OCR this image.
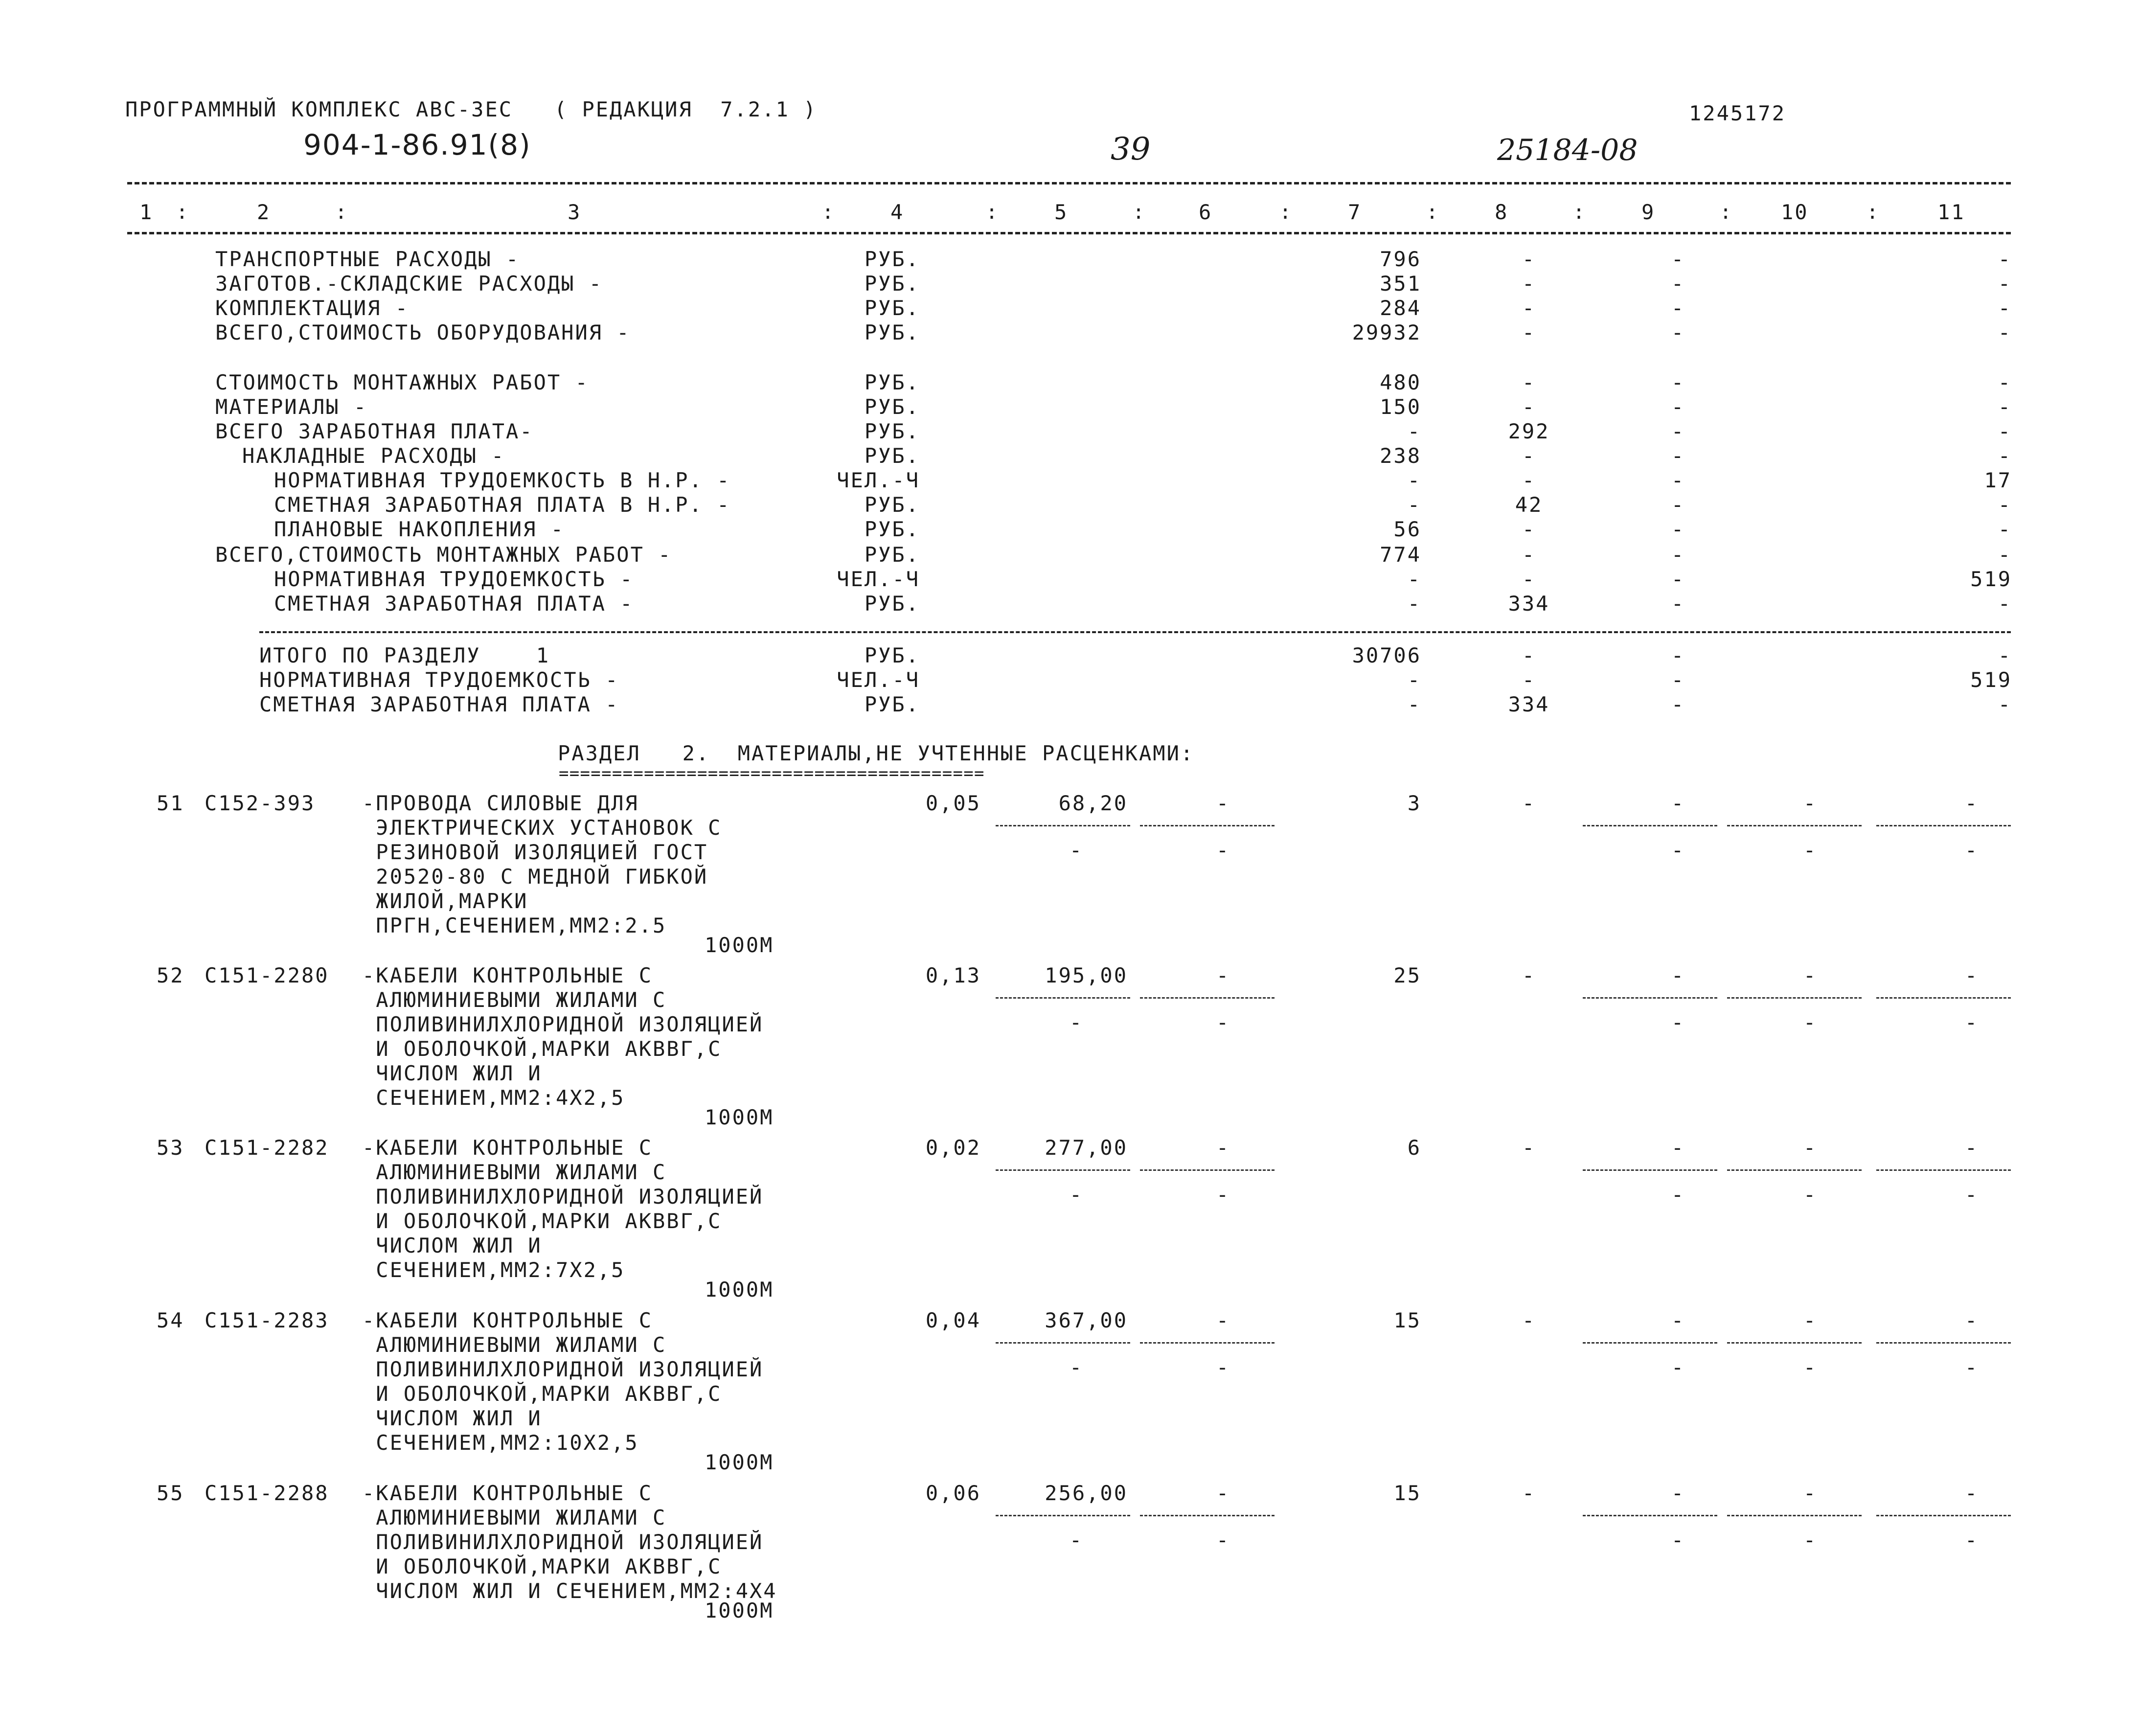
ПРОГРАММНЫЙ КОМПЛЕКС АВС-3ЕС   ( РЕДАКЦИЯ  7.2.1 )	1245172
904-1-86.91(8)	39	25184-08
1	2	3	4	5	6	7	8	9	10	11
:	:	:	:	:	:	:	:	:	:
ТРАНСПОРТНЫЕ РАСХОДЫ -	РУБ.	796	-	-	-
ЗАГОТОВ.-СКЛАДСКИЕ РАСХОДЫ -	РУБ.	351	-	-	-
КОМПЛЕКТАЦИЯ -	РУБ.	284	-	-	-
ВСЕГО,СТОИМОСТЬ ОБОРУДОВАНИЯ -	РУБ.	29932	-	-	-
СТОИМОСТЬ МОНТАЖНЫХ РАБОТ -	РУБ.	480	-	-	-
МАТЕРИАЛЫ -	РУБ.	150	-	-	-
ВСЕГО ЗАРАБОТНАЯ ПЛАТА-	РУБ.	-	292	-	-
НАКЛАДНЫЕ РАСХОДЫ -	РУБ.	238	-	-	-
НОРМАТИВНАЯ ТРУДОЕМКОСТЬ В Н.Р. -	ЧЕЛ.-Ч	-	-	-	17
СМЕТНАЯ ЗАРАБОТНАЯ ПЛАТА В Н.Р. -	РУБ.	-	42	-	-
ПЛАНОВЫЕ НАКОПЛЕНИЯ -	РУБ.	56	-	-	-
ВСЕГО,СТОИМОСТЬ МОНТАЖНЫХ РАБОТ -	РУБ.	774	-	-	-
НОРМАТИВНАЯ ТРУДОЕМКОСТЬ -	ЧЕЛ.-Ч	-	-	-	519
СМЕТНАЯ ЗАРАБОТНАЯ ПЛАТА -	РУБ.	-	334	-	-
ИТОГО ПО РАЗДЕЛУ    1	РУБ.	30706	-	-	-
НОРМАТИВНАЯ ТРУДОЕМКОСТЬ -	ЧЕЛ.-Ч	-	-	-	519
СМЕТНАЯ ЗАРАБОТНАЯ ПЛАТА -	РУБ.	-	334	-	-
РАЗДЕЛ   2.  МАТЕРИАЛЫ,НЕ УЧТЕННЫЕ РАСЦЕНКАМИ:
========================================
51 С152-393 -ПРОВОДА СИЛОВЫЕ ДЛЯ
ЭЛЕКТРИЧЕСКИХ УСТАНОВОК С
РЕЗИНОВОЙ ИЗОЛЯЦИЕЙ ГОСТ
20520-80 С МЕДНОЙ ГИБКОЙ
ЖИЛОЙ,МАРКИ
ПРГН,СЕЧЕНИЕМ,ММ2:2.5
1000М
0,05	68,20	-	3	-	-	-	-
-	-	-	-	-
52 С151-2280 -КАБЕЛИ КОНТРОЛЬНЫЕ С
АЛЮМИНИЕВЫМИ ЖИЛАМИ С
ПОЛИВИНИЛХЛОРИДНОЙ ИЗОЛЯЦИЕЙ
И ОБОЛОЧКОЙ,МАРКИ АКВВГ,С
ЧИСЛОМ ЖИЛ И
СЕЧЕНИЕМ,ММ2:4Х2,5
1000М
0,13	195,00	-	25	-	-	-	-
-	-	-	-	-
53 С151-2282 -КАБЕЛИ КОНТРОЛЬНЫЕ С
АЛЮМИНИЕВЫМИ ЖИЛАМИ С
ПОЛИВИНИЛХЛОРИДНОЙ ИЗОЛЯЦИЕЙ
И ОБОЛОЧКОЙ,МАРКИ АКВВГ,С
ЧИСЛОМ ЖИЛ И
СЕЧЕНИЕМ,ММ2:7Х2,5
1000М
0,02	277,00	-	6	-	-	-	-
-	-	-	-	-
54 С151-2283 -КАБЕЛИ КОНТРОЛЬНЫЕ С
АЛЮМИНИЕВЫМИ ЖИЛАМИ С
ПОЛИВИНИЛХЛОРИДНОЙ ИЗОЛЯЦИЕЙ
И ОБОЛОЧКОЙ,МАРКИ АКВВГ,С
ЧИСЛОМ ЖИЛ И
СЕЧЕНИЕМ,ММ2:10Х2,5
1000М
0,04	367,00	-	15	-	-	-	-
-	-	-	-	-
55 С151-2288 -КАБЕЛИ КОНТРОЛЬНЫЕ С
АЛЮМИНИЕВЫМИ ЖИЛАМИ С
ПОЛИВИНИЛХЛОРИДНОЙ ИЗОЛЯЦИЕЙ
И ОБОЛОЧКОЙ,МАРКИ АКВВГ,С
ЧИСЛОМ ЖИЛ И СЕЧЕНИЕМ,ММ2:4Х4
1000М
0,06	256,00	-	15	-	-	-	-
-	-	-	-	-
